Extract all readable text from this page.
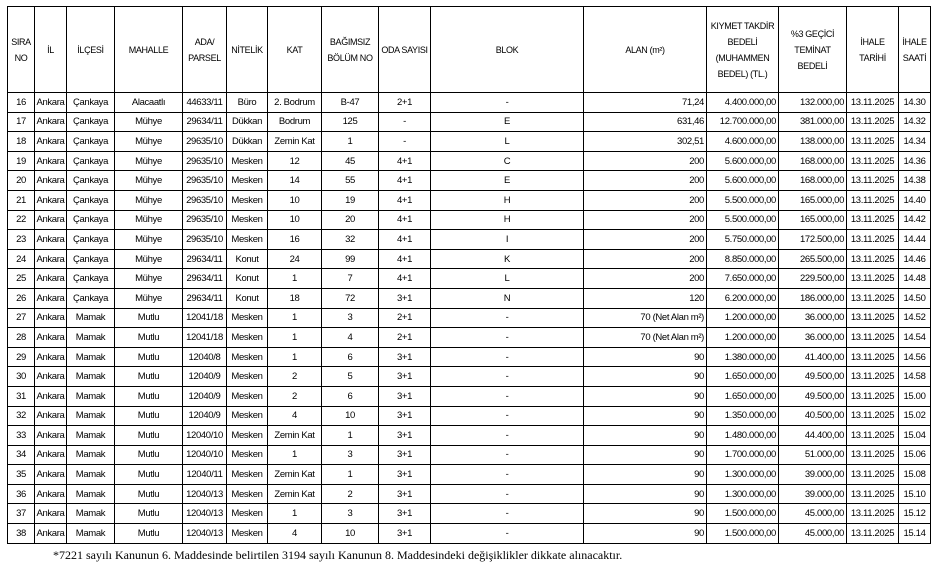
SIRA NO	İL	İLÇESİ	MAHALLE	ADA/ PARSEL	NİTELİK	KAT	BAĞIMSIZ BÖLÜM NO	ODA SAYISI	BLOK	ALAN (m²)	KIYMET TAKDİR BEDELİ (MUHAMMEN BEDEL) (TL.)	%3 GEÇİCİ TEMİNAT BEDELİ	İHALE TARİHİ	İHALE SAATİ
16	Ankara	Çankaya	Alacaatlı	44633/11	Büro	2. Bodrum	B-47	2+1	-	71,24	4.400.000,00	132.000,00	13.11.2025	14.30
17	Ankara	Çankaya	Mühye	29634/11	Dükkan	Bodrum	125	-	E	631,46	12.700.000,00	381.000,00	13.11.2025	14.32
18	Ankara	Çankaya	Mühye	29635/10	Dükkan	Zemin Kat	1	-	L	302,51	4.600.000,00	138.000,00	13.11.2025	14.34
19	Ankara	Çankaya	Mühye	29635/10	Mesken	12	45	4+1	C	200	5.600.000,00	168.000,00	13.11.2025	14.36
20	Ankara	Çankaya	Mühye	29635/10	Mesken	14	55	4+1	E	200	5.600.000,00	168.000,00	13.11.2025	14.38
21	Ankara	Çankaya	Mühye	29635/10	Mesken	10	19	4+1	H	200	5.500.000,00	165.000,00	13.11.2025	14.40
22	Ankara	Çankaya	Mühye	29635/10	Mesken	10	20	4+1	H	200	5.500.000,00	165.000,00	13.11.2025	14.42
23	Ankara	Çankaya	Mühye	29635/10	Mesken	16	32	4+1	I	200	5.750.000,00	172.500,00	13.11.2025	14.44
24	Ankara	Çankaya	Mühye	29634/11	Konut	24	99	4+1	K	200	8.850.000,00	265.500,00	13.11.2025	14.46
25	Ankara	Çankaya	Mühye	29634/11	Konut	1	7	4+1	L	200	7.650.000,00	229.500,00	13.11.2025	14.48
26	Ankara	Çankaya	Mühye	29634/11	Konut	18	72	3+1	N	120	6.200.000,00	186.000,00	13.11.2025	14.50
27	Ankara	Mamak	Mutlu	12041/18	Mesken	1	3	2+1	-	70 (Net Alan m²)	1.200.000,00	36.000,00	13.11.2025	14.52
28	Ankara	Mamak	Mutlu	12041/18	Mesken	1	4	2+1	-	70 (Net Alan m²)	1.200.000,00	36.000,00	13.11.2025	14.54
29	Ankara	Mamak	Mutlu	12040/8	Mesken	1	6	3+1	-	90	1.380.000,00	41.400,00	13.11.2025	14.56
30	Ankara	Mamak	Mutlu	12040/9	Mesken	2	5	3+1	-	90	1.650.000,00	49.500,00	13.11.2025	14.58
31	Ankara	Mamak	Mutlu	12040/9	Mesken	2	6	3+1	-	90	1.650.000,00	49.500,00	13.11.2025	15.00
32	Ankara	Mamak	Mutlu	12040/9	Mesken	4	10	3+1	-	90	1.350.000,00	40.500,00	13.11.2025	15.02
33	Ankara	Mamak	Mutlu	12040/10	Mesken	Zemin Kat	1	3+1	-	90	1.480.000,00	44.400,00	13.11.2025	15.04
34	Ankara	Mamak	Mutlu	12040/10	Mesken	1	3	3+1	-	90	1.700.000,00	51.000,00	13.11.2025	15.06
35	Ankara	Mamak	Mutlu	12040/11	Mesken	Zemin Kat	1	3+1	-	90	1.300.000,00	39.000,00	13.11.2025	15.08
36	Ankara	Mamak	Mutlu	12040/13	Mesken	Zemin Kat	2	3+1	-	90	1.300.000,00	39.000,00	13.11.2025	15.10
37	Ankara	Mamak	Mutlu	12040/13	Mesken	1	3	3+1	-	90	1.500.000,00	45.000,00	13.11.2025	15.12
38	Ankara	Mamak	Mutlu	12040/13	Mesken	4	10	3+1	-	90	1.500.000,00	45.000,00	13.11.2025	15.14
*7221 sayılı Kanunun 6. Maddesinde belirtilen 3194 sayılı Kanunun 8. Maddesindeki değişiklikler dikkate alınacaktır.
